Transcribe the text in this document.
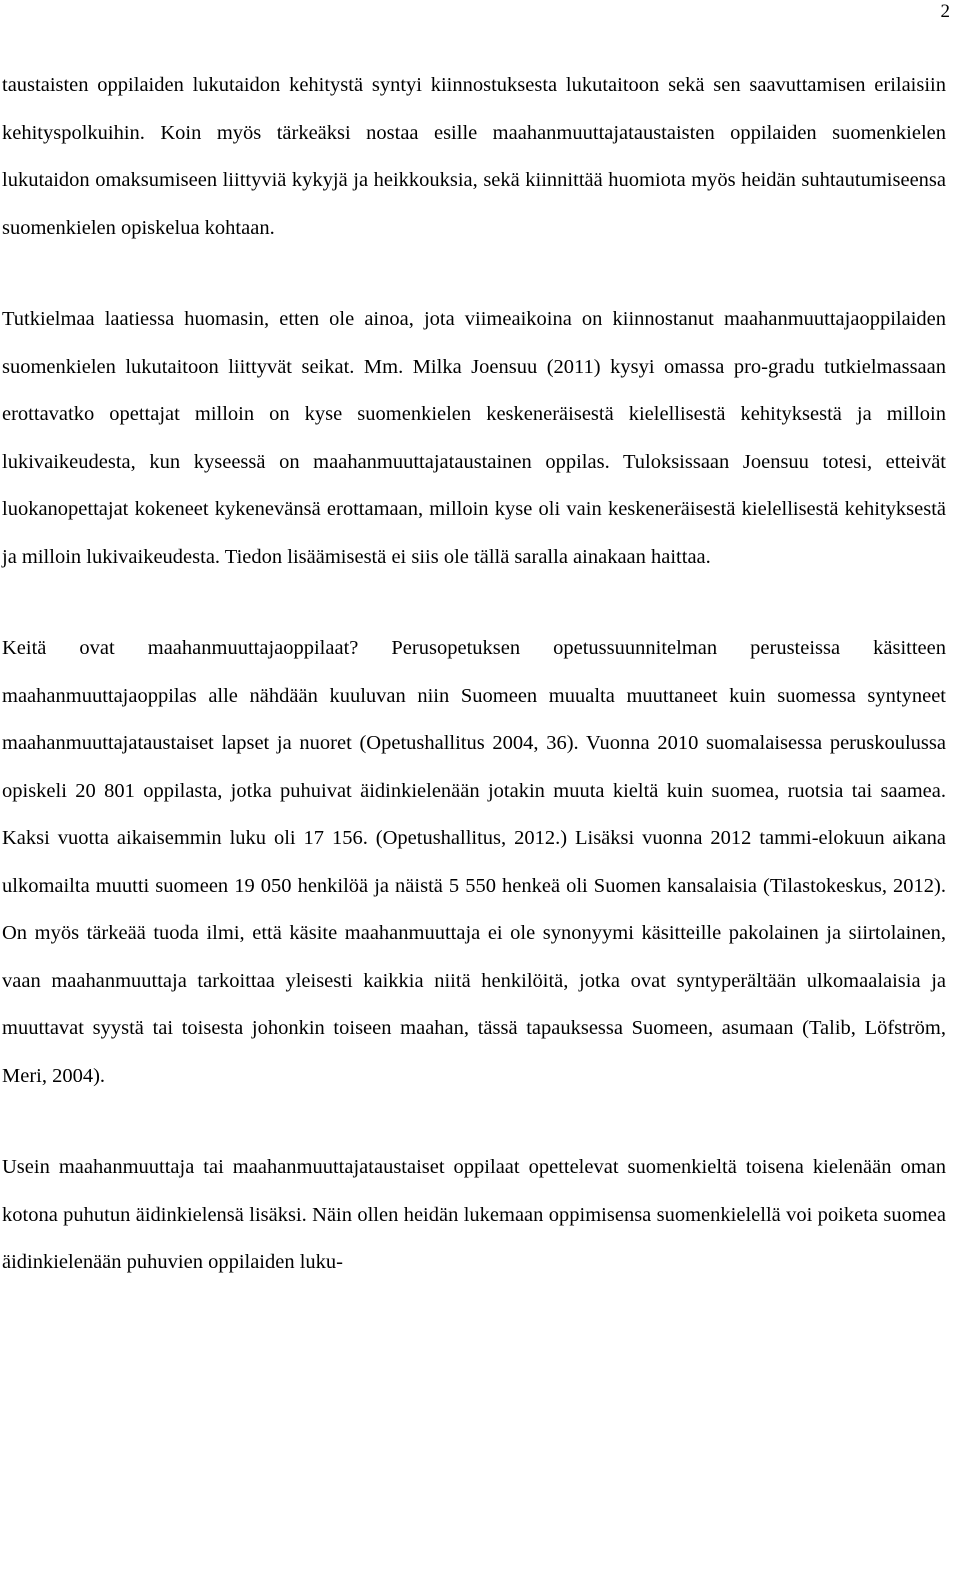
2

taustaisten oppilaiden lukutaidon kehitystä syntyi kiinnostuksesta lukutaitoon sekä sen saavuttamisen erilaisiin kehityspolkuihin. Koin myös tärkeäksi nostaa esille maahanmuuttajataustaisten oppilaiden suomenkielen lukutaidon omaksumiseen liittyviä kykyjä ja heikkouksia, sekä kiinnittää huomiota myös heidän suhtautumiseensa suomenkielen opiskelua kohtaan.

Tutkielmaa laatiessa huomasin, etten ole ainoa, jota viimeaikoina on kiinnostanut maahanmuuttajaoppilaiden suomenkielen lukutaitoon liittyvät seikat. Mm. Milka Joensuu (2011) kysyi omassa pro-gradu tutkielmassaan erottavatko opettajat milloin on kyse suomenkielen keskeneräisestä kielellisestä kehityksestä ja milloin lukivaikeudesta, kun kyseessä on maahanmuuttajataustainen oppilas. Tuloksissaan Joensuu totesi, etteivät luokanopettajat kokeneet kykenevänsä erottamaan, milloin kyse oli vain keskeneräisestä kielellisestä kehityksestä ja milloin lukivaikeudesta. Tiedon lisäämisestä ei siis ole tällä saralla ainakaan haittaa.

Keitä ovat maahanmuuttajaoppilaat? Perusopetuksen opetussuunnitelman perusteissa käsitteen maahanmuuttajaoppilas alle nähdään kuuluvan niin Suomeen muualta muuttaneet kuin suomessa syntyneet maahanmuuttajataustaiset lapset ja nuoret (Opetushallitus 2004, 36). Vuonna 2010 suomalaisessa peruskoulussa opiskeli 20 801 oppilasta, jotka puhuivat äidinkielenään jotakin muuta kieltä kuin suomea, ruotsia tai saamea. Kaksi vuotta aikaisemmin luku oli 17 156. (Opetushallitus, 2012.) Lisäksi vuonna 2012 tammi-elokuun aikana ulkomailta muutti suomeen 19 050 henkilöä ja näistä 5 550 henkeä oli Suomen kansalaisia (Tilastokeskus, 2012). On myös tärkeää tuoda ilmi, että käsite maahanmuuttaja ei ole synonyymi käsitteille pakolainen ja siirtolainen, vaan maahanmuuttaja tarkoittaa yleisesti kaikkia niitä henkilöitä, jotka ovat syntyperältään ulkomaalaisia ja muuttavat syystä tai toisesta johonkin toiseen maahan, tässä tapauksessa Suomeen, asumaan (Talib, Löfström, Meri, 2004).

Usein maahanmuuttaja tai maahanmuuttajataustaiset oppilaat opettelevat suomenkieltä toisena kielenään oman kotona puhutun äidinkielensä lisäksi. Näin ollen heidän lukemaan oppimisensa suomenkielellä voi poiketa suomea äidinkielenään puhuvien oppilaiden luku-
